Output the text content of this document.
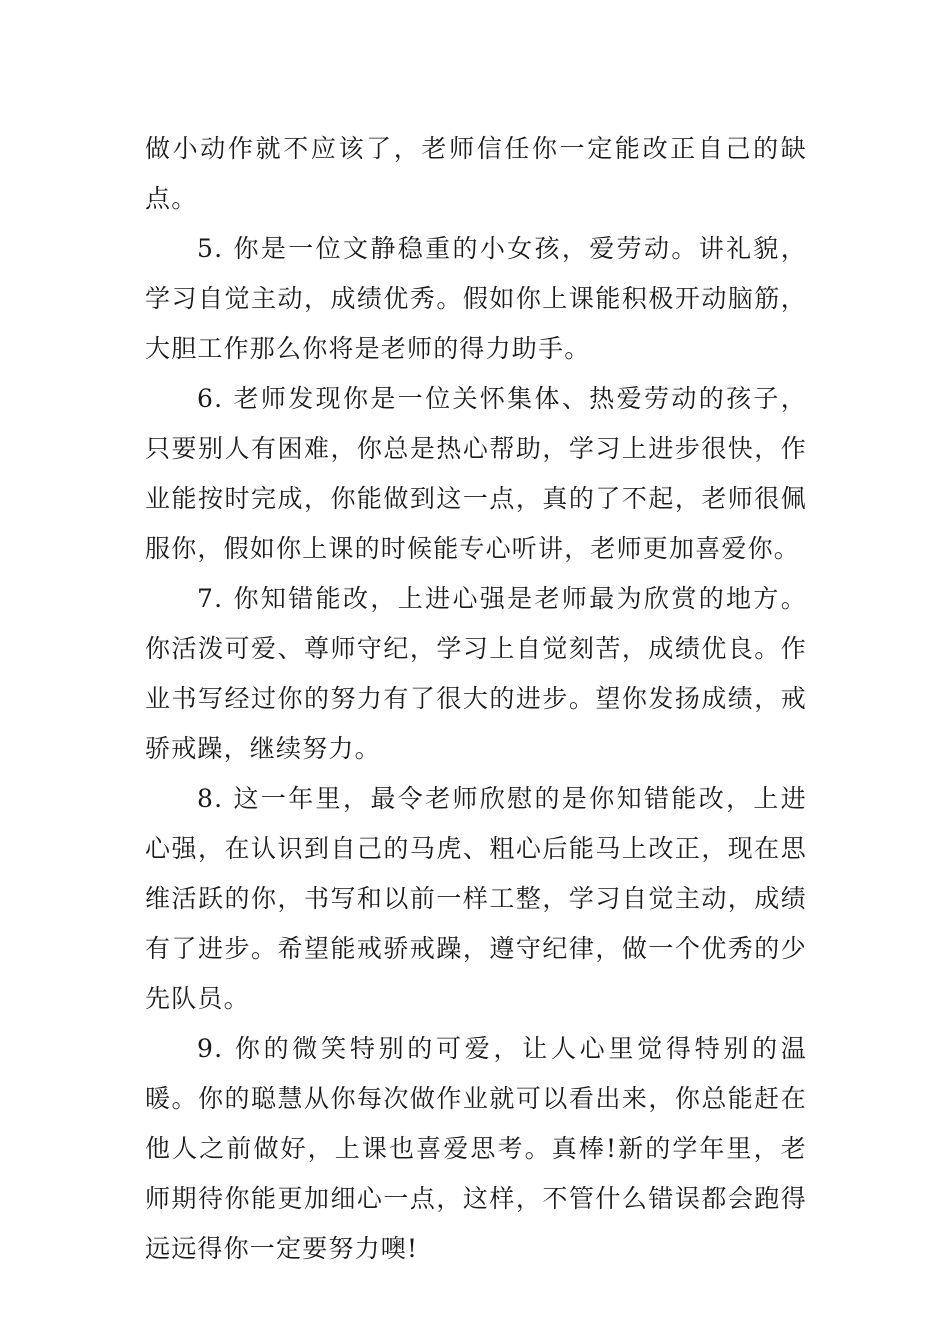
做小动作就不应该了，老师信任你一定能改正自己的缺点。

5. 你是一位文静稳重的小女孩，爱劳动。讲礼貌，学习自觉主动，成绩优秀。假如你上课能积极开动脑筋，大胆工作那么你将是老师的得力助手。

6. 老师发现你是一位关怀集体、热爱劳动的孩子，只要别人有困难，你总是热心帮助，学习上进步很快，作业能按时完成，你能做到这一点，真的了不起，老师很佩服你，假如你上课的时候能专心听讲，老师更加喜爱你。

7. 你知错能改，上进心强是老师最为欣赏的地方。你活泼可爱、尊师守纪，学习上自觉刻苦，成绩优良。作业书写经过你的努力有了很大的进步。望你发扬成绩，戒骄戒躁，继续努力。

8. 这一年里，最令老师欣慰的是你知错能改，上进心强，在认识到自己的马虎、粗心后能马上改正，现在思维活跃的你，书写和以前一样工整，学习自觉主动，成绩有了进步。希望能戒骄戒躁，遵守纪律，做一个优秀的少先队员。

9. 你的微笑特别的可爱，让人心里觉得特别的温暖。你的聪慧从你每次做作业就可以看出来，你总能赶在他人之前做好，上课也喜爱思考。真棒!新的学年里，老师期待你能更加细心一点，这样，不管什么错误都会跑得远远得你一定要努力噢!
